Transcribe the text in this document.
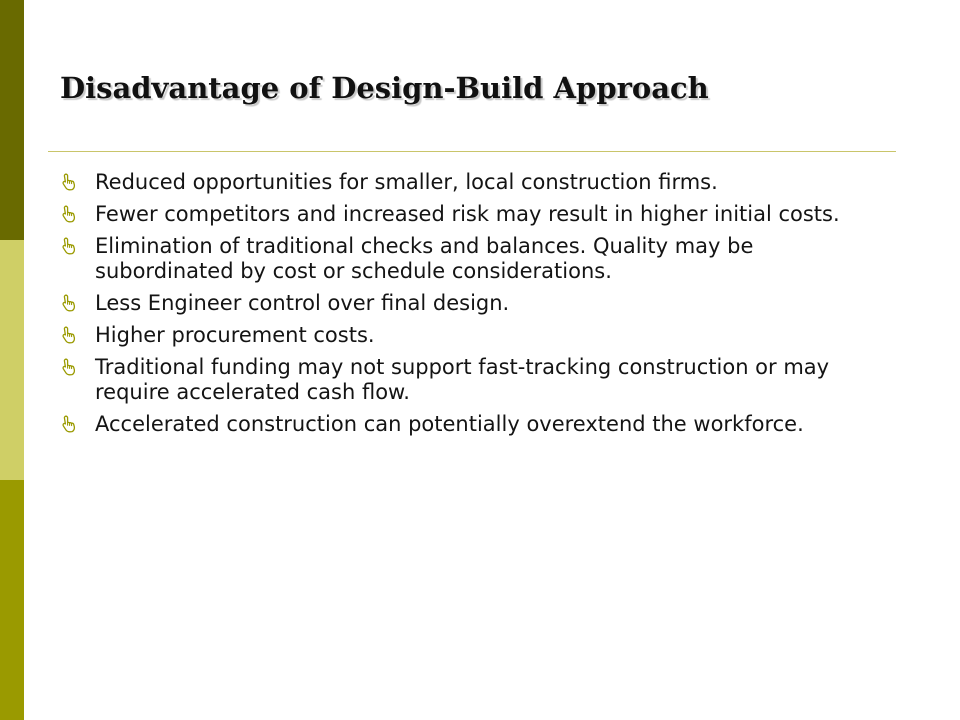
Disadvantage of Design-Build Approach
Reduced opportunities for smaller, local construction firms.
Fewer competitors and increased risk may result in higher initial costs.
Elimination of traditional checks and balances. Quality may be subordinated by cost or schedule considerations.
Less Engineer control over final design.
Higher procurement costs.
Traditional funding may not support fast-tracking construction or may require accelerated cash flow.
Accelerated construction can potentially overextend the workforce.
